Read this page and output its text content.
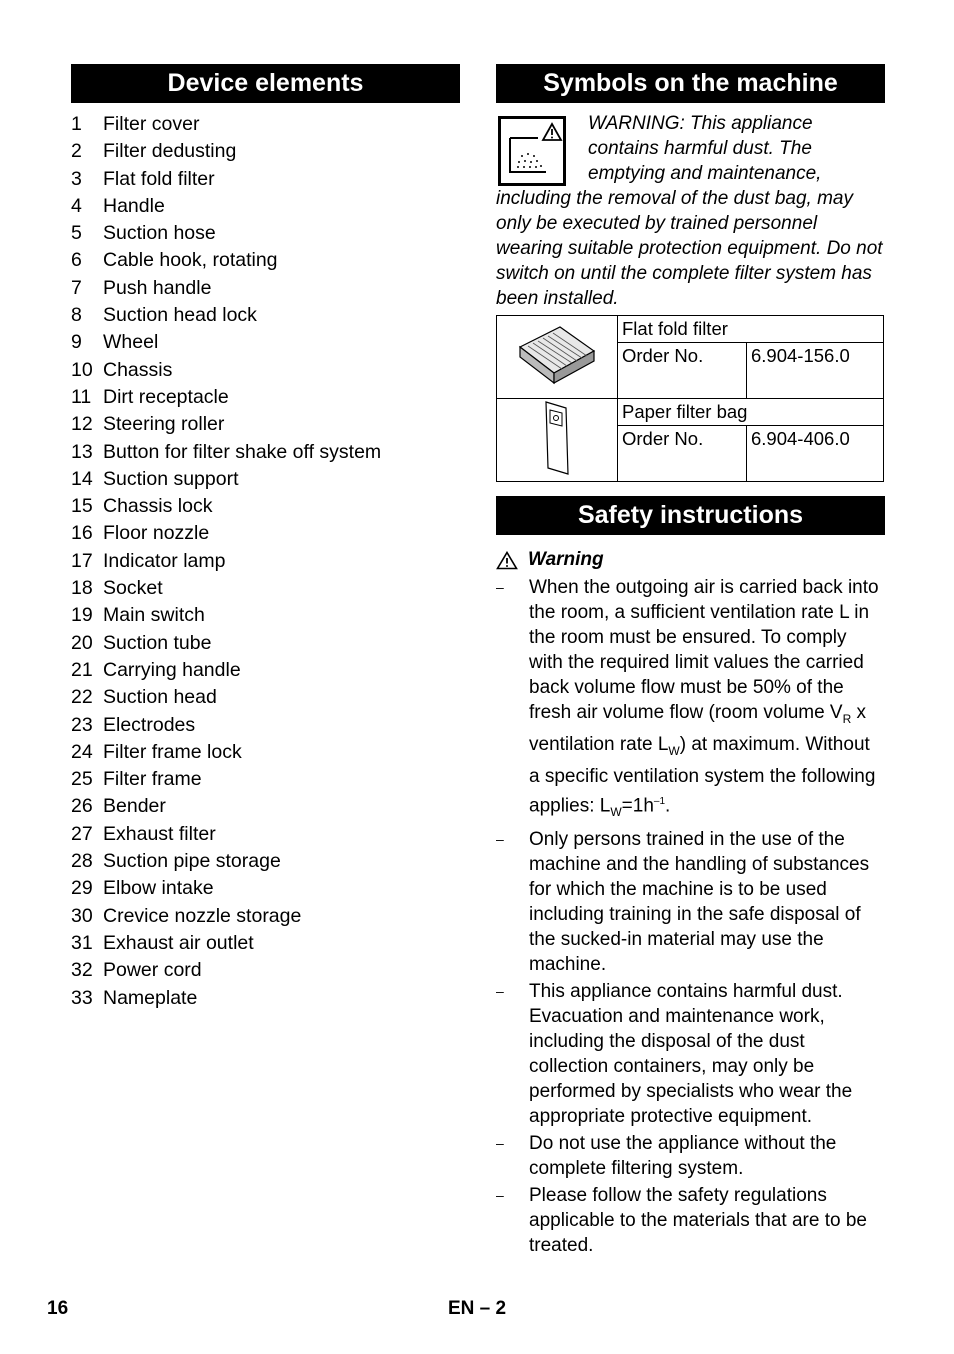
Device elements
1	Filter cover
2	Filter dedusting
3	Flat fold filter
4	Handle
5	Suction hose
6	Cable hook, rotating
7	Push handle
8	Suction head lock
9	Wheel
10 Chassis
11 Dirt receptacle
12 Steering roller
13 Button for filter shake off system
14 Suction support
15 Chassis lock
16 Floor nozzle
17 Indicator lamp
18 Socket
19 Main switch
20 Suction tube
21 Carrying handle
22 Suction head
23 Electrodes
24 Filter frame lock
25 Filter frame
26 Bender
27 Exhaust filter
28 Suction pipe storage
29 Elbow intake
30 Crevice nozzle storage
31 Exhaust air outlet
32 Power cord
33 Nameplate
Symbols on the machine
WARNING: This appliance contains harmful dust. The emptying and maintenance, including the removal of the dust bag, may only be executed by trained personnel wearing suitable protection equipment. Do not switch on until the complete filter system has been installed.
	Flat fold filter	
	Order No.	6.904-156.0
	Paper filter bag	
	Order No.	6.904-406.0
Safety instructions
Warning
–	When the outgoing air is carried back into the room, a sufficient ventilation rate L in the room must be ensured. To comply with the required limit values the carried back volume flow must be 50% of the fresh air volume flow (room volume $V_R$ x ventilation rate $L_W$) at maximum. Without a specific ventilation system the following applies: $L_W=1h^{-1}$.
–	Only persons trained in the use of the machine and the handling of substances for which the machine is to be used including training in the safe disposal of the sucked-in material may use the machine.
–	This appliance contains harmful dust. Evacuation and maintenance work, including the disposal of the dust collection containers, may only be performed by specialists who wear the appropriate protective equipment.
–	Do not use the appliance without the complete filtering system.
–	Please follow the safety regulations applicable to the materials that are to be treated.
16	EN – 2
